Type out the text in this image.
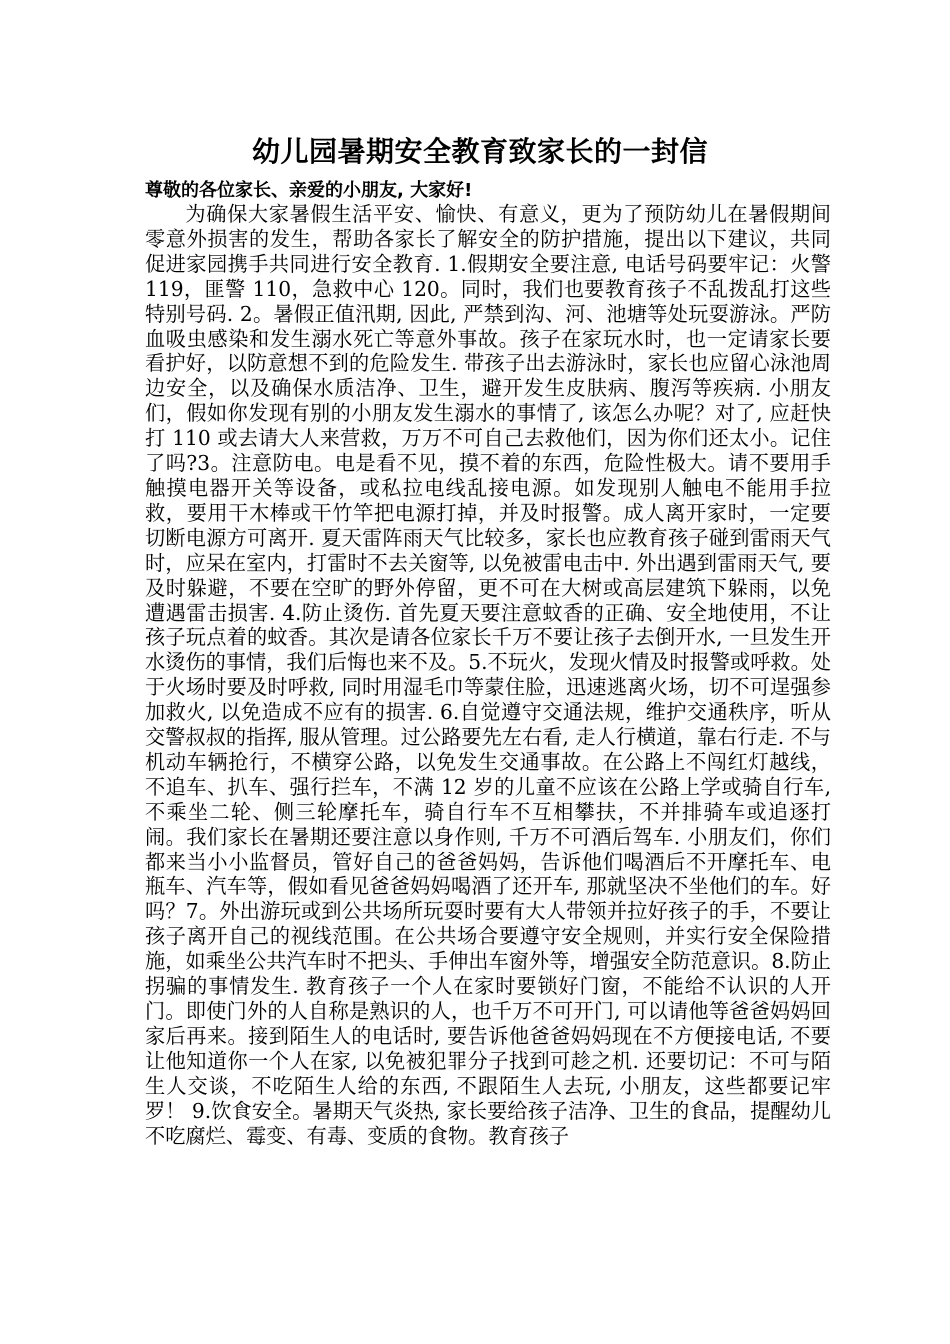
幼儿园暑期安全教育致家长的一封信

尊敬的各位家长、亲爱的小朋友, 大家好!

为确保大家暑假生活平安、愉快、有意义，更为了预防幼儿在暑假期间零意外损害的发生，帮助各家长了解安全的防护措施，提出以下建议，共同促进家园携手共同进行安全教育. 1.假期安全要注意, 电话号码要牢记：火警 119，匪警 110，急救中心 120。同时，我们也要教育孩子不乱拨乱打这些特别号码. 2。暑假正值汛期, 因此, 严禁到沟、河、池塘等处玩耍游泳。严防血吸虫感染和发生溺水死亡等意外事故。孩子在家玩水时，也一定请家长要看护好，以防意想不到的危险发生. 带孩子出去游泳时，家长也应留心泳池周边安全，以及确保水质洁净、卫生，避开发生皮肤病、腹泻等疾病. 小朋友们，假如你发现有别的小朋友发生溺水的事情了, 该怎么办呢？对了, 应赶快打 110 或去请大人来营救，万万不可自己去救他们，因为你们还太小。记住了吗?3。注意防电。电是看不见，摸不着的东西，危险性极大。请不要用手触摸电器开关等设备，或私拉电线乱接电源。如发现别人触电不能用手拉救，要用干木棒或干竹竿把电源打掉，并及时报警。成人离开家时，一定要切断电源方可离开. 夏天雷阵雨天气比较多，家长也应教育孩子碰到雷雨天气时，应呆在室内，打雷时不去关窗等, 以免被雷电击中. 外出遇到雷雨天气, 要及时躲避，不要在空旷的野外停留，更不可在大树或高层建筑下躲雨，以免遭遇雷击损害. 4.防止烫伤. 首先夏天要注意蚊香的正确、安全地使用，不让孩子玩点着的蚊香。其次是请各位家长千万不要让孩子去倒开水, 一旦发生开水烫伤的事情，我们后悔也来不及。5.不玩火，发现火情及时报警或呼救。处于火场时要及时呼救, 同时用湿毛巾等蒙住脸，迅速逃离火场，切不可逞强参加救火, 以免造成不应有的损害. 6.自觉遵守交通法规，维护交通秩序，听从交警叔叔的指挥, 服从管理。过公路要先左右看, 走人行横道，靠右行走. 不与机动车辆抢行，不横穿公路，以免发生交通事故。在公路上不闯红灯越线，不追车、扒车、强行拦车，不满 12 岁的儿童不应该在公路上学或骑自行车, 不乘坐二轮、侧三轮摩托车，骑自行车不互相攀扶，不并排骑车或追逐打闹。我们家长在暑期还要注意以身作则, 千万不可酒后驾车. 小朋友们，你们都来当小小监督员，管好自己的爸爸妈妈，告诉他们喝酒后不开摩托车、电瓶车、汽车等，假如看见爸爸妈妈喝酒了还开车, 那就坚决不坐他们的车。好吗？7。外出游玩或到公共场所玩耍时要有大人带领并拉好孩子的手，不要让孩子离开自己的视线范围。在公共场合要遵守安全规则，并实行安全保险措施，如乘坐公共汽车时不把头、手伸出车窗外等，增强安全防范意识。8.防止拐骗的事情发生. 教育孩子一个人在家时要锁好门窗，不能给不认识的人开门。即使门外的人自称是熟识的人，也千万不可开门, 可以请他等爸爸妈妈回家后再来。接到陌生人的电话时, 要告诉他爸爸妈妈现在不方便接电话, 不要让他知道你一个人在家, 以免被犯罪分子找到可趁之机. 还要切记：不可与陌生人交谈，不吃陌生人给的东西, 不跟陌生人去玩, 小朋友，这些都要记牢罗！ 9.饮食安全。暑期天气炎热, 家长要给孩子洁净、卫生的食品，提醒幼儿不吃腐烂、霉变、有毒、变质的食物。教育孩子
